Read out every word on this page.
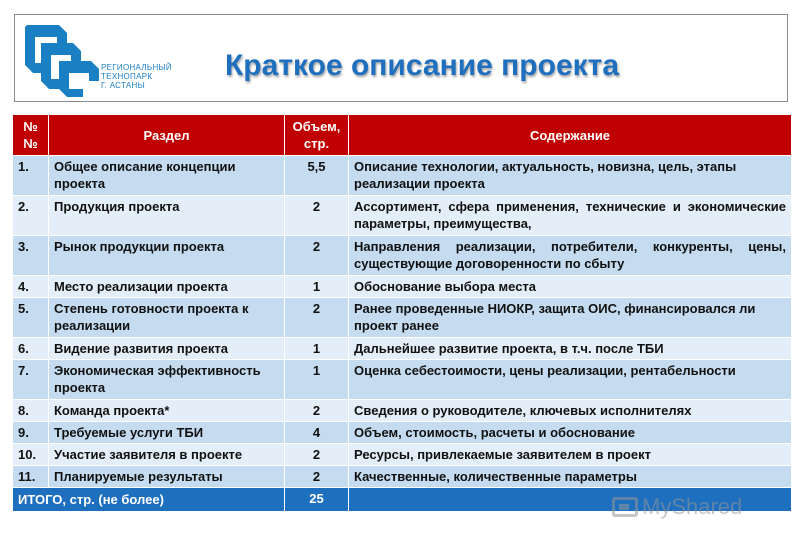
РЕГИОНАЛЬНЫЙ
ТЕХНОПАРК
Г. АСТАНЫ
Краткое описание проекта
№ №	Раздел	Объем, стр.	Содержание
1.	Общее описание концепции проекта	5,5	Описание технологии, актуальность, новизна, цель, этапы реализации проекта
2.	Продукция проекта	2	Ассортимент, сфера применения, технические и экономические параметры, преимущества,
3.	Рынок продукции проекта	2	Направления реализации, потребители, конкуренты, цены, существующие договоренности по сбыту
4.	Место реализации проекта	1	Обоснование выбора места
5.	Степень готовности проекта к реализации	2	Ранее проведенные НИОКР, защита ОИС, финансировался ли проект ранее
6.	Видение развития проекта	1	Дальнейшее развитие проекта, в т.ч. после ТБИ
7.	Экономическая эффективность проекта	1	Оценка себестоимости, цены реализации, рентабельности
8.	Команда проекта*	2	Сведения о руководителе, ключевых исполнителях
9.	Требуемые услуги ТБИ	4	Объем, стоимость, расчеты и обоснование
10.	Участие заявителя в проекте	2	Ресурсы, привлекаемые заявителем в проект
11.	Планируемые результаты	2	Качественные, количественные параметры
ИТОГО, стр. (не более)		25		MyShared
